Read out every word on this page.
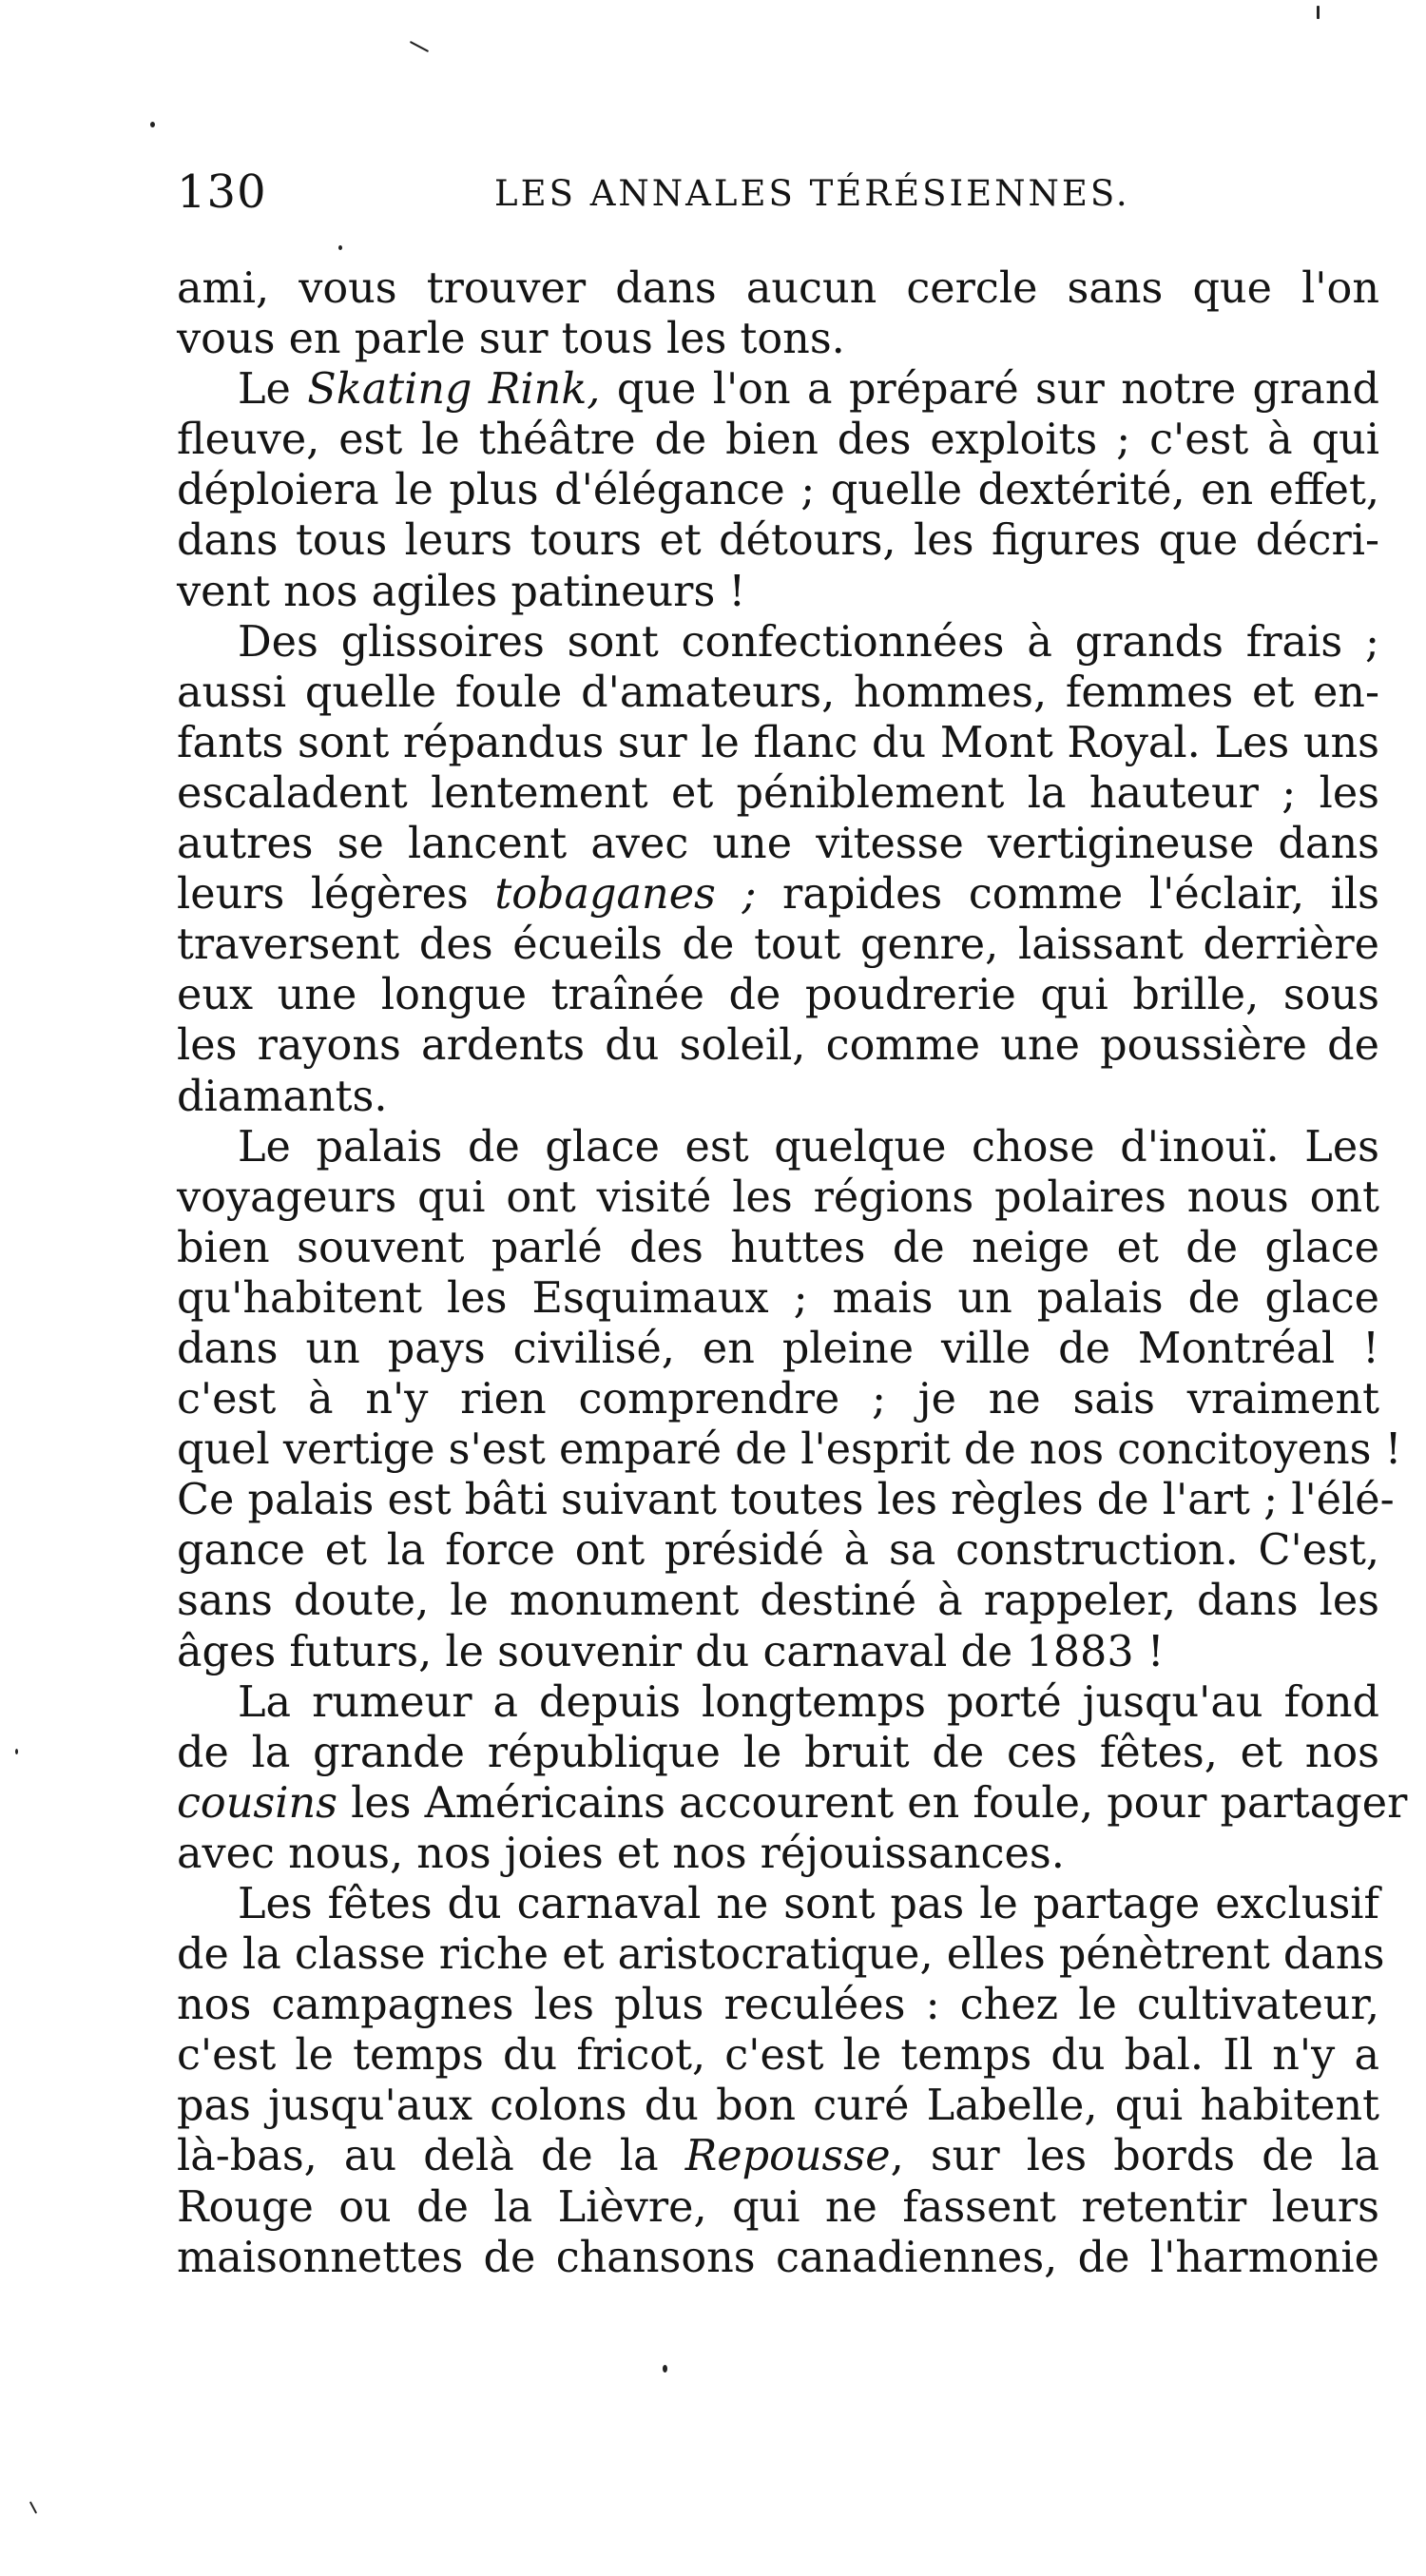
130	LES ANNALES TÉRÉSIENNES.
ami, vous trouver dans aucun cercle sans que l'on
vous en parle sur tous les tons.
Le Skating Rink, que l'on a préparé sur notre grand
fleuve, est le théâtre de bien des exploits ; c'est à qui
déploiera le plus d'élégance ; quelle dextérité, en effet,
dans tous leurs tours et détours, les figures que décri-
vent nos agiles patineurs !
Des glissoires sont confectionnées à grands frais ;
aussi quelle foule d'amateurs, hommes, femmes et en-
fants sont répandus sur le flanc du Mont Royal. Les uns
escaladent lentement et péniblement la hauteur ; les
autres se lancent avec une vitesse vertigineuse dans
leurs légères tobaganes ; rapides comme l'éclair, ils
traversent des écueils de tout genre, laissant derrière
eux une longue traînée de poudrerie qui brille, sous
les rayons ardents du soleil, comme une poussière de
diamants.
Le palais de glace est quelque chose d'inouï. Les
voyageurs qui ont visité les régions polaires nous ont
bien souvent parlé des huttes de neige et de glace
qu'habitent les Esquimaux ; mais un palais de glace
dans un pays civilisé, en pleine ville de Montréal !
c'est à n'y rien comprendre ; je ne sais vraiment
quel vertige s'est emparé de l'esprit de nos concitoyens !
Ce palais est bâti suivant toutes les règles de l'art ; l'élé-
gance et la force ont présidé à sa construction. C'est,
sans doute, le monument destiné à rappeler, dans les
âges futurs, le souvenir du carnaval de 1883 !
La rumeur a depuis longtemps porté jusqu'au fond
de la grande république le bruit de ces fêtes, et nos
cousins les Américains accourent en foule, pour partager
avec nous, nos joies et nos réjouissances.
Les fêtes du carnaval ne sont pas le partage exclusif
de la classe riche et aristocratique, elles pénètrent dans
nos campagnes les plus reculées : chez le cultivateur,
c'est le temps du fricot, c'est le temps du bal. Il n'y a
pas jusqu'aux colons du bon curé Labelle, qui habitent
là-bas, au delà de la Repousse, sur les bords de la
Rouge ou de la Lièvre, qui ne fassent retentir leurs
maisonnettes de chansons canadiennes, de l'harmonie
